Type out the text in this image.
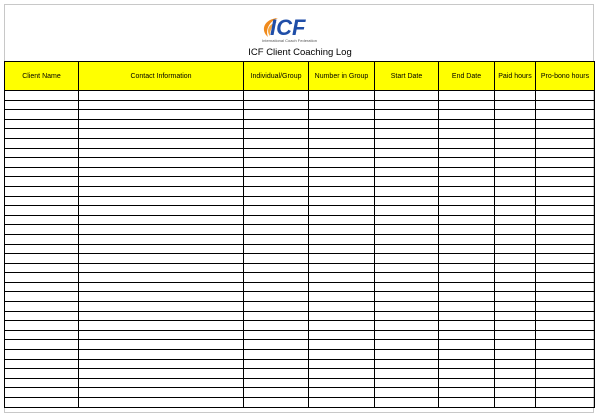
ICF
International Coach Federation
ICF Client Coaching Log
Client Name	Contact Information	Individual/Group	Number in Group	Start Date	End Date	Paid hours	Pro-bono hours
